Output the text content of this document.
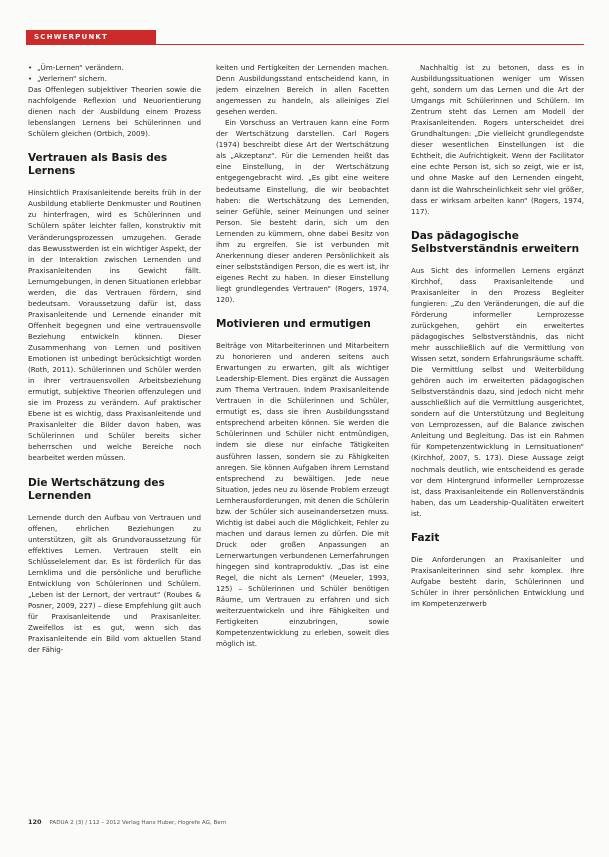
SCHWERPUNKT
• „Üm-Lernen“ verändern.
• „Verlernen“ sichern.

Das Offenlegen subjektiver Theorien sowie die nachfolgende Reflexion und Neuorientierung dienen nach der Ausbildung einem Prozess lebenslangen Lernens bei Schülerinnen und Schülern gleichen (Ortbich, 2009).

Vertrauen als Basis des Lernens

Hinsichtlich Praxisanleitende bereits früh in der Ausbildung etablierte Denkmuster und Routinen zu hinterfragen, wird es Schülerinnen und Schülern später leichter fallen, konstruktiv mit Veränderungsprozessen umzugehen. Gerade das Bewusstwerden ist ein wichtiger Aspekt, der in der Interaktion zwischen Lernenden und Praxisanleitenden ins Gewicht fällt. Lernumgebungen, in denen Situationen erlebbar werden, die das Vertrauen fördern, sind bedeutsam. Voraussetzung dafür ist, dass Praxisanleitende und Lernende einander mit Offenheit begegnen und eine vertrauensvolle Beziehung entwickeln können. Dieser Zusammenhang von Lernen und positiven Emotionen ist unbedingt berücksichtigt worden (Roth, 2011). Schülerinnen und Schüler werden in ihrer vertrauensvollen Arbeitsbeziehung ermutigt, subjektive Theorien offenzulegen und sie im Prozess zu verändern. Auf praktischer Ebene ist es wichtig, dass Praxisanleitende und Praxisanleiter die Bilder davon haben, was Schülerinnen und Schüler bereits sicher beherrschen und welche Bereiche noch bearbeitet werden müssen.

Die Wertschätzung des Lernenden

Lernende durch den Aufbau von Vertrauen und offenen, ehrlichen Beziehungen zu unterstützen, gilt als Grundvoraussetzung für effektives Lernen. Vertrauen stellt ein Schlüsselelement dar. Es ist förderlich für das Lernklima und die persönliche und berufliche Entwicklung von Schülerinnen und Schülern. „Leben ist der Lernort, der vertraut“ (Roubes & Posner, 2009, 227) – diese Empfehlung gilt auch für Praxisanleitende und Praxisanleiter. Zweifellos ist es gut, wenn sich das Praxisanleitende ein Bild vom aktuellen Stand der Fähig-

keiten und Fertigkeiten der Lernenden machen. Denn Ausbildungsstand entscheidend kann, in jedem einzelnen Bereich in allen Facetten angemessen zu handeln, als alleiniges Ziel gesehen werden.

Ein Vorschuss an Vertrauen kann eine Form der Wertschätzung darstellen. Carl Rogers (1974) beschreibt diese Art der Wertschätzung als „Akzeptanz“. Für die Lernenden heißt das eine Einstellung, in der Wertschätzung entgegengebracht wird. „Es gibt eine weitere bedeutsame Einstellung, die wir beobachtet haben: die Wertschätzung des Lernenden, seiner Gefühle, seiner Meinungen und seiner Person. Sie besteht darin, sich um den Lernenden zu kümmern, ohne dabei Besitz von ihm zu ergreifen. Sie ist verbunden mit Anerkennung dieser anderen Persönlichkeit als einer selbstständigen Person, die es wert ist, ihr eigenes Recht zu haben. In dieser Einstellung liegt grundlegendes Vertrauen“ (Rogers, 1974, 120).

Motivieren und ermutigen

Beiträge von Mitarbeiterinnen und Mitarbeitern zu honorieren und anderen seitens auch Erwartungen zu erwarten, gilt als wichtiger Leadership-Element. Dies ergänzt die Aussagen zum Thema Vertrauen. Indem Praxisanleitende Vertrauen in die Schülerinnen und Schüler, ermutigt es, dass sie ihren Ausbildungsstand entsprechend arbeiten können. Sie werden die Schülerinnen und Schüler nicht entmündigen, indem sie diese nur einfache Tätigkeiten ausführen lassen, sondern sie zu Fähigkeiten anregen. Sie können Aufgaben ihrem Lernstand entsprechend zu bewältigen. Jede neue Situation, jedes neu zu lösende Problem erzeugt Lernherausforderungen, mit denen die Schülerin bzw. der Schüler sich auseinandersetzen muss. Wichtig ist dabei auch die Möglichkeit, Fehler zu machen und daraus lernen zu dürfen. Die mit Druck oder großen Anpassungen an Lernerwartungen verbundenen Lernerfahrungen hingegen sind kontraproduktiv. „Das ist eine Regel, die nicht als Lernen“ (Meueler, 1993, 125) – Schülerinnen und Schüler benötigen Räume, um Vertrauen zu erfahren und sich weiterzuentwickeln und ihre Fähigkeiten und Fertigkeiten einzubringen, sowie Kompetenzentwicklung zu erleben, soweit dies möglich ist.

Nachhaltig ist zu betonen, dass es in Ausbildungssituationen weniger um Wissen geht, sondern um das Lernen und die Art der Umgangs mit Schülerinnen und Schülern. Im Zentrum steht das Lernen am Modell der Praxisanleitenden. Rogers unterscheidet drei Grundhaltungen: „Die vielleicht grundlegendste dieser wesentlichen Einstellungen ist die Echtheit, die Aufrichtigkeit. Wenn der Facilitator eine echte Person ist, sich so zeigt, wie er ist, und ohne Maske auf den Lernenden eingeht, dann ist die Wahrscheinlichkeit sehr viel größer, dass er wirksam arbeiten kann“ (Rogers, 1974, 117).

Das pädagogische Selbstverständnis erweitern

Aus Sicht des informellen Lernens ergänzt Kirchhof, dass Praxisanleitende und Praxisanleiter in den Prozess Begleiter fungieren: „Zu den Veränderungen, die auf die Förderung informeller Lernprozesse zurückgehen, gehört ein erweitertes pädagogisches Selbstverständnis, das nicht mehr ausschließlich auf die Vermittlung von Wissen setzt, sondern Erfahrungsräume schafft. Die Vermittlung selbst und Weiterbildung gehören auch im erweiterten pädagogischen Selbstverständnis dazu, sind jedoch nicht mehr ausschließlich auf die Vermittlung ausgerichtet, sondern auf die Unterstützung und Begleitung von Lernprozessen, auf die Balance zwischen Anleitung und Begleitung. Das ist ein Rahmen für Kompetenzentwicklung in Lernsituationen“ (Kirchhof, 2007, S. 173). Diese Aussage zeigt nochmals deutlich, wie entscheidend es gerade vor dem Hintergrund informeller Lernprozesse ist, dass Praxisanleitende ein Rollenverständnis haben, das um Leadership-Qualitäten erweitert ist.

Fazit

Die Anforderungen an Praxisanleiter und Praxisanleiterinnen sind sehr komplex. Ihre Aufgabe besteht darin, Schülerinnen und Schüler in ihrer persönlichen Entwicklung und im Kompetenzerwerb

120 PADUA 2 (3) / 112 – 2012 Verlag Hans Huber, Hogrefe AG, Bern
